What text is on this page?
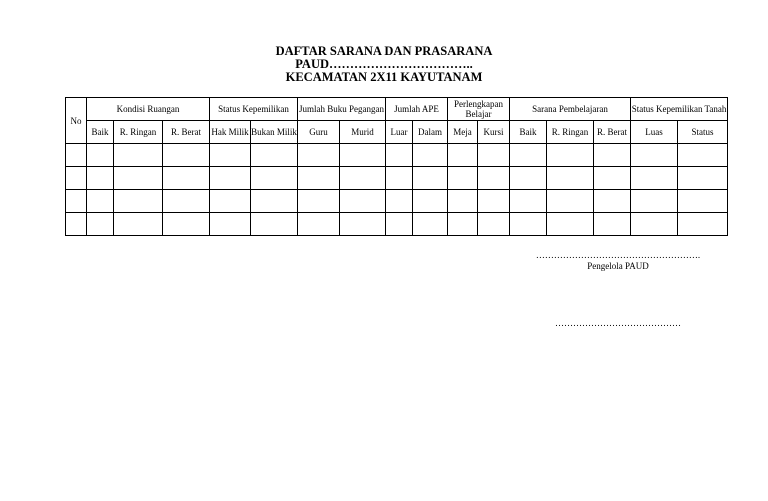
DAFTAR SARANA DAN PRASARANA
PAUD……………………………..
KECAMATAN 2X11 KAYUTANAM
No	Kondisi Ruangan			Status Kepemilikan		Jumlah Buku Pegangan		Jumlah APE		Perlengkapan Belajar		Sarana Pembelajaran			Status Kepemilikan Tanah	
	Baik	R. Ringan	R. Berat	Hak Milik	Bukan Milik	Guru	Murid	Luar	Dalam	Meja	Kursi	Baik	R. Ringan	R. Berat	Luas	Status

……………………………………………….
Pengelola PAUD
……………………………………
